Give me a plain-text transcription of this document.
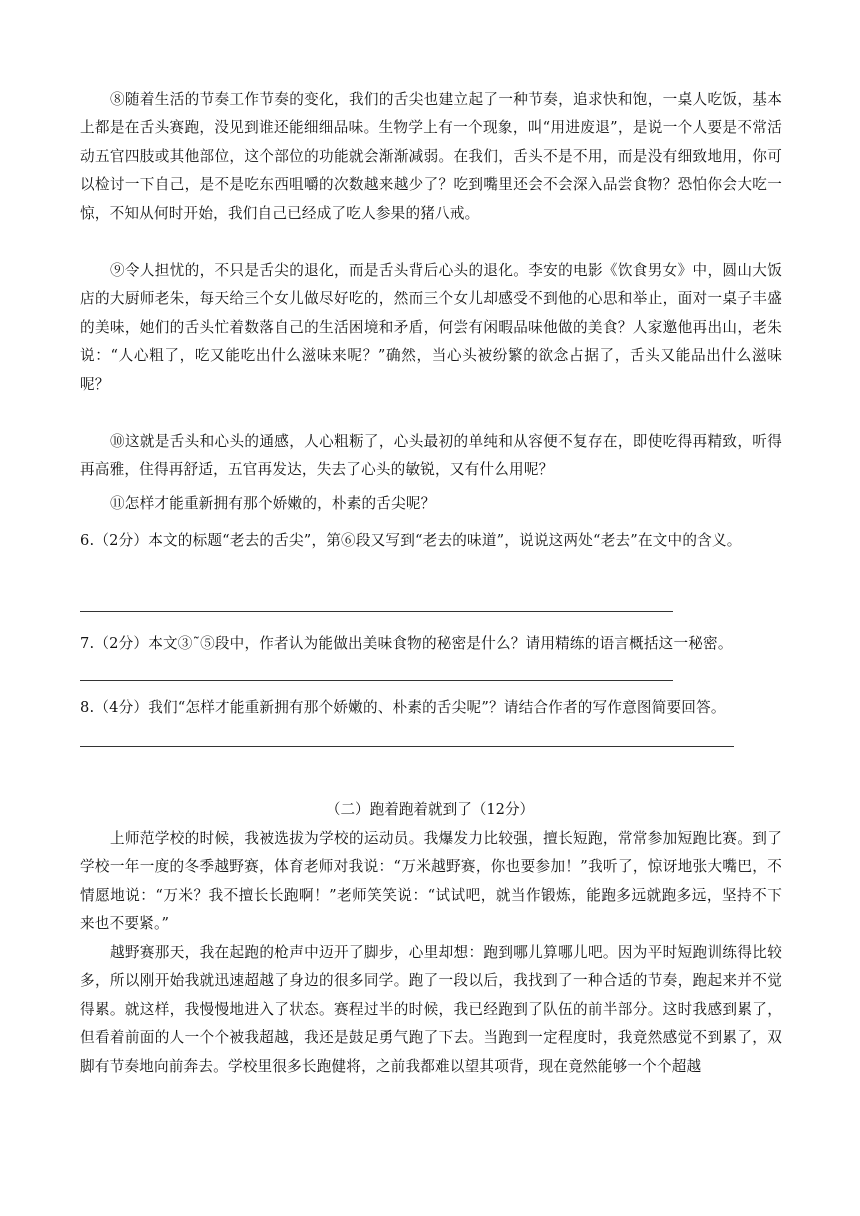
⑧随着生活的节奏工作节奏的变化，我们的舌尖也建立起了一种节奏，追求快和饱，一桌人吃饭，基本上都是在舌头赛跑，没见到谁还能细细品味。生物学上有一个现象，叫“用进废退”，是说一个人要是不常活动五官四肢或其他部位，这个部位的功能就会渐渐减弱。在我们，舌头不是不用，而是没有细致地用，你可以检讨一下自己，是不是吃东西咀嚼的次数越来越少了？吃到嘴里还会不会深入品尝食物？恐怕你会大吃一惊，不知从何时开始，我们自己已经成了吃人参果的猪八戒。
⑨令人担忧的，不只是舌尖的退化，而是舌头背后心头的退化。李安的电影《饮食男女》中，圆山大饭店的大厨师老朱，每天给三个女儿做尽好吃的，然而三个女儿却感受不到他的心思和举止，面对一桌子丰盛的美味，她们的舌头忙着数落自己的生活困境和矛盾，何尝有闲暇品味他做的美食？人家邀他再出山，老朱说：“人心粗了，吃又能吃出什么滋味来呢？”确然，当心头被纷繁的欲念占据了，舌头又能品出什么滋味呢？
⑩这就是舌头和心头的通感，人心粗粝了，心头最初的单纯和从容便不复存在，即使吃得再精致，听得再高雅，住得再舒适，五官再发达，失去了心头的敏锐，又有什么用呢？
⑪怎样才能重新拥有那个娇嫩的，朴素的舌尖呢？
6.（2分）本文的标题“老去的舌尖”，第⑥段又写到“老去的味道”，说说这两处“老去”在文中的含义。
7.（2分）本文③˜⑤段中，作者认为能做出美味食物的秘密是什么？请用精练的语言概括这一秘密。
8.（4分）我们“怎样才能重新拥有那个娇嫩的、朴素的舌尖呢”？请结合作者的写作意图简要回答。
（二）跑着跑着就到了（12分）
上师范学校的时候，我被选拔为学校的运动员。我爆发力比较强，擅长短跑，常常参加短跑比赛。到了学校一年一度的冬季越野赛，体育老师对我说：“万米越野赛，你也要参加！”我听了，惊讶地张大嘴巴，不情愿地说：“万米？我不擅长长跑啊！”老师笑笑说：“试试吧，就当作锻炼，能跑多远就跑多远，坚持不下来也不要紧。”
越野赛那天，我在起跑的枪声中迈开了脚步，心里却想：跑到哪儿算哪儿吧。因为平时短跑训练得比较多，所以刚开始我就迅速超越了身边的很多同学。跑了一段以后，我找到了一种合适的节奏，跑起来并不觉得累。就这样，我慢慢地进入了状态。赛程过半的时候，我已经跑到了队伍的前半部分。这时我感到累了，但看着前面的人一个个被我超越，我还是鼓足勇气跑了下去。当跑到一定程度时，我竟然感觉不到累了，双脚有节奏地向前奔去。学校里很多长跑健将，之前我都难以望其项背，现在竟然能够一个个超越
